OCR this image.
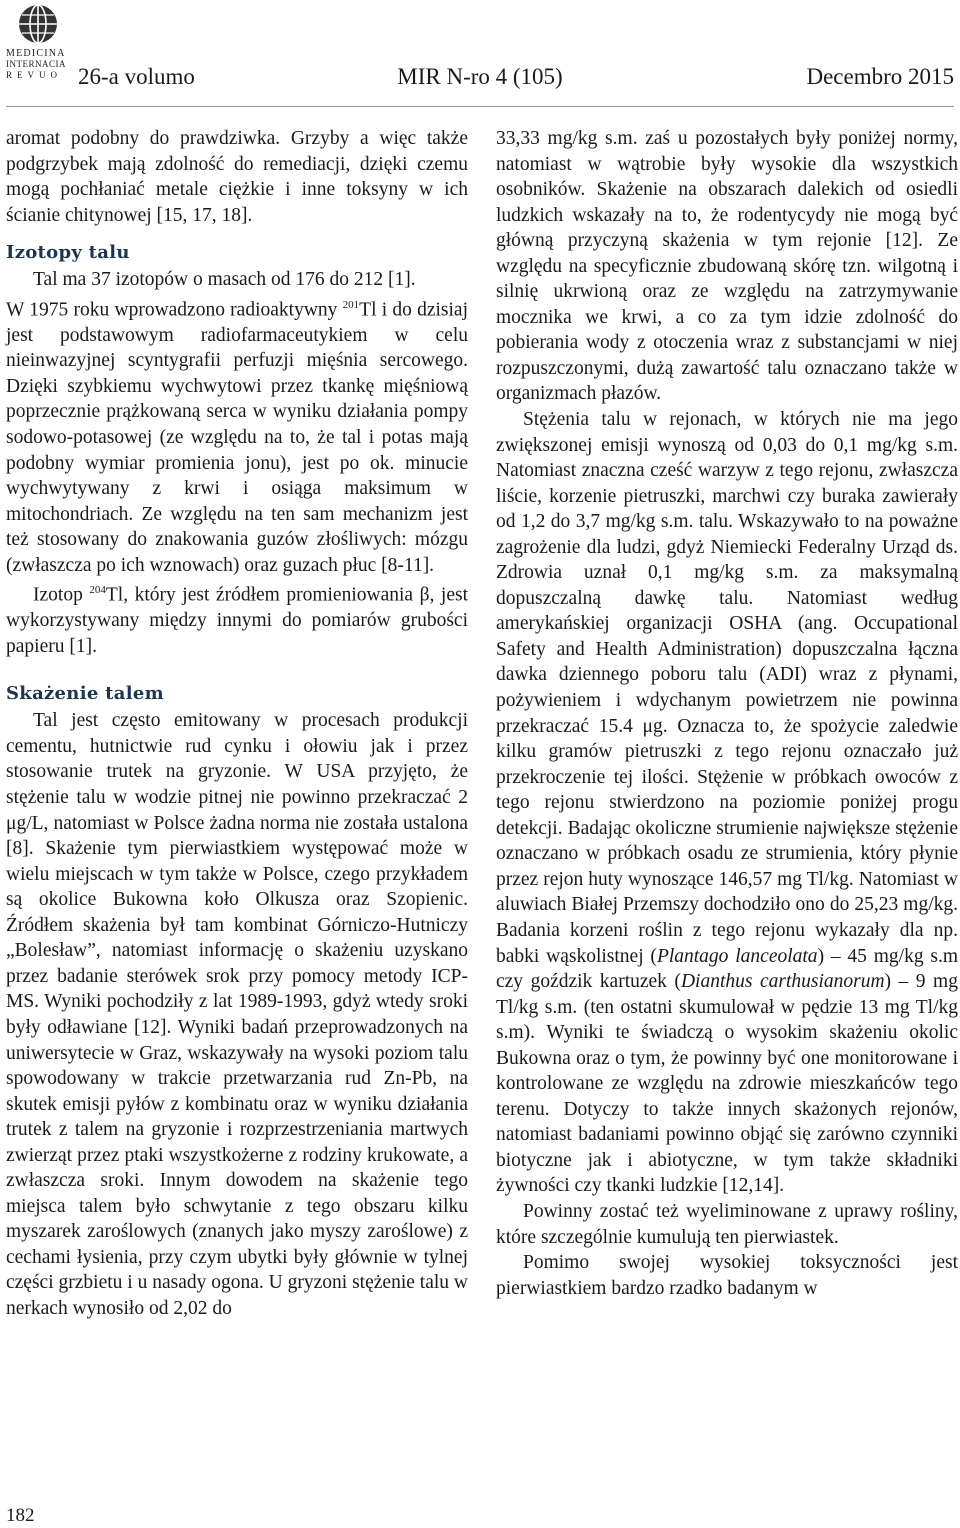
MEDICINA
INTERNACIA
REVUO	MIR N-ro 4 (105)
26-a volumo	Decembro 2015

aromat podobny do prawdziwka. Grzyby a więc także podgrzybek mają zdolność do remediacji, dzięki czemu mogą pochłaniać metale ciężkie i inne toksyny w ich ścianie chitynowej [15, 17, 18].

Izotopy talu

Tal ma 37 izotopów o masach od 176 do 212 [1].

W 1975 roku wprowadzono radioaktywny $^{201}$Tl i do dzisiaj jest podstawowym radiofarmaceutykiem w celu nieinwazyjnej scyntygrafii perfuzji mięśnia sercowego. Dzięki szybkiemu wychwytowi przez tkankę mięśniową poprzecznie prążkowaną serca w wyniku działania pompy sodowo-potasowej (ze względu na to, że tal i potas mają podobny wymiar promienia jonu), jest po ok. minucie wychwytywany z krwi i osiąga maksimum w mitochondriach. Ze względu na ten sam mechanizm jest też stosowany do znakowania guzów złośliwych: mózgu (zwłaszcza po ich wznowach) oraz guzach płuc [8-11].

Izotop $^{204}$Tl, który jest źródłem promieniowania β, jest wykorzystywany między innymi do pomiarów grubości papieru [1].

Skażenie talem

Tal jest często emitowany w procesach produkcji cementu, hutnictwie rud cynku i ołowiu jak i przez stosowanie trutek na gryzonie. W USA przyjęto, że stężenie talu w wodzie pitnej nie powinno przekraczać 2 μg/L, natomiast w Polsce żadna norma nie została ustalona [8]. Skażenie tym pierwiastkiem występować może w wielu miejscach w tym także w Polsce, czego przykładem są okolice Bukowna koło Olkusza oraz Szopienic. Źródłem skażenia był tam kombinat Górniczo-Hutniczy „Bolesław”, natomiast informację o skażeniu uzyskano przez badanie sterówek srok przy pomocy metody ICP-MS. Wyniki pochodziły z lat 1989-1993, gdyż wtedy sroki były odławiane [12]. Wyniki badań przeprowadzonych na uniwersytecie w Graz, wskazywały na wysoki poziom talu spowodowany w trakcie przetwarzania rud Zn-Pb, na skutek emisji pyłów z kombinatu oraz w wyniku działania trutek z talem na gryzonie i rozprzestrzeniania martwych zwierząt przez ptaki wszystkożerne z rodziny krukowate, a zwłaszcza sroki. Innym dowodem na skażenie tego miejsca talem było schwytanie z tego obszaru kilku myszarek zaroślowych (znanych jako myszy zaroślowe) z cechami łysienia, przy czym ubytki były głównie w tylnej części grzbietu i u nasady ogona. U gryzoni stężenie talu w nerkach wynosiło od 2,02 do

33,33 mg/kg s.m. zaś u pozostałych były poniżej normy, natomiast w wątrobie były wysokie dla wszystkich osobników. Skażenie na obszarach dalekich od osiedli ludzkich wskazały na to, że rodentycydy nie mogą być główną przyczyną skażenia w tym rejonie [12]. Ze względu na specyficznie zbudowaną skórę tzn. wilgotną i silnię ukrwioną oraz ze względu na zatrzymywanie mocznika we krwi, a co za tym idzie zdolność do pobierania wody z otoczenia wraz z substancjami w niej rozpuszczonymi, dużą zawartość talu oznaczano także w organizmach płazów.

Stężenia talu w rejonach, w których nie ma jego zwiększonej emisji wynoszą od 0,03 do 0,1 mg/kg s.m. Natomiast znaczna cześć warzyw z tego rejonu, zwłaszcza liście, korzenie pietruszki, marchwi czy buraka zawierały od 1,2 do 3,7 mg/kg s.m. talu. Wskazywało to na poważne zagrożenie dla ludzi, gdyż Niemiecki Federalny Urząd ds. Zdrowia uznał 0,1 mg/kg s.m. za maksymalną dopuszczalną dawkę talu. Natomiast według amerykańskiej organizacji OSHA (ang. Occupational Safety and Health Administration) dopuszczalna łączna dawka dziennego poboru talu (ADI) wraz z płynami, pożywieniem i wdychanym powietrzem nie powinna przekraczać 15.4 μg. Oznacza to, że spożycie zaledwie kilku gramów pietruszki z tego rejonu oznaczało już przekroczenie tej ilości. Stężenie w próbkach owoców z tego rejonu stwierdzono na poziomie poniżej progu detekcji. Badając okoliczne strumienie największe stężenie oznaczano w próbkach osadu ze strumienia, który płynie przez rejon huty wynoszące 146,57 mg Tl/kg. Natomiast w aluwiach Białej Przemszy dochodziło ono do 25,23 mg/kg. Badania korzeni roślin z tego rejonu wykazały dla np. babki wąskolistnej (Plantago lanceolata) – 45 mg/kg s.m czy goździk kartuzek (Dianthus carthusianorum) – 9 mg Tl/kg s.m. (ten ostatni skumulował w pędzie 13 mg Tl/kg s.m). Wyniki te świadczą o wysokim skażeniu okolic Bukowna oraz o tym, że powinny być one monitorowane i kontrolowane ze względu na zdrowie mieszkańców tego terenu. Dotyczy to także innych skażonych rejonów, natomiast badaniami powinno objąć się zarówno czynniki biotyczne jak i abiotyczne, w tym także składniki żywności czy tkanki ludzkie [12,14].

Powinny zostać też wyeliminowane z uprawy rośliny, które szczególnie kumulują ten pierwiastek.

Pomimo swojej wysokiej toksyczności jest pierwiastkiem bardzo rzadko badanym w

182
